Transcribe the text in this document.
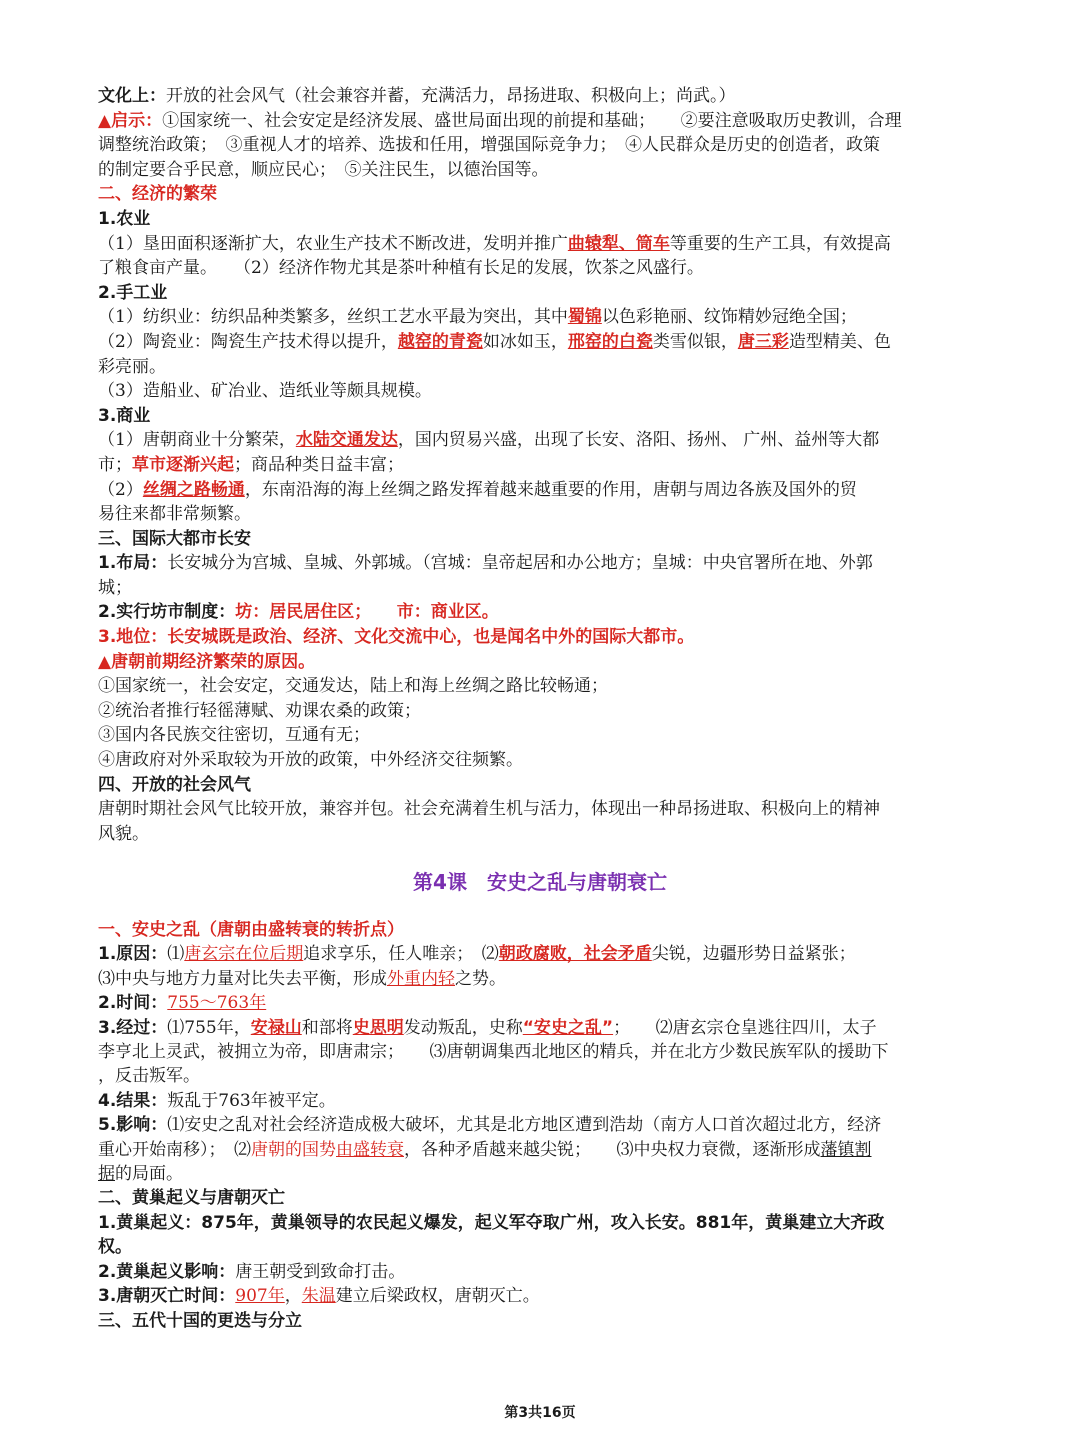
文化上：开放的社会风气（社会兼容并蓄，充满活力，昂扬进取、积极向上；尚武。）
▲启示：①国家统一、社会安定是经济发展、盛世局面出现的前提和基础；　　②要注意吸取历史教训，合理
调整统治政策；　③重视人才的培养、选拔和任用，增强国际竞争力；　④人民群众是历史的创造者，政策
的制定要合乎民意，顺应民心；　⑤关注民生，以德治国等。
二、经济的繁荣
1.农业
（1）垦田面积逐渐扩大，农业生产技术不断改进，发明并推广曲辕犁、筒车等重要的生产工具，有效提高
了粮食亩产量。　　（2）经济作物尤其是茶叶种植有长足的发展，饮茶之风盛行。
2.手工业
（1）纺织业：纺织品种类繁多，丝织工艺水平最为突出，其中蜀锦以色彩艳丽、纹饰精妙冠绝全国；
（2）陶瓷业：陶瓷生产技术得以提升，越窑的青瓷如冰如玉，邢窑的白瓷类雪似银，唐三彩造型精美、色
彩亮丽。
（3）造船业、矿冶业、造纸业等颇具规模。
3.商业
（1）唐朝商业十分繁荣，水陆交通发达，国内贸易兴盛，出现了长安、洛阳、扬州、 广州、益州等大都
市；草市逐渐兴起；商品种类日益丰富；
（2）丝绸之路畅通，东南沿海的海上丝绸之路发挥着越来越重要的作用，唐朝与周边各族及国外的贸
易往来都非常频繁。
三、国际大都市长安
1.布局：长安城分为宫城、皇城、外郭城。（宫城：皇帝起居和办公地方；皇城：中央官署所在地、外郭
城；
2.实行坊市制度：坊：居民居住区；　　市：商业区。
3.地位：长安城既是政治、经济、文化交流中心，也是闻名中外的国际大都市。
▲唐朝前期经济繁荣的原因。
①国家统一，社会安定，交通发达，陆上和海上丝绸之路比较畅通；
②统治者推行轻徭薄赋、劝课农桑的政策；
③国内各民族交往密切，互通有无；
④唐政府对外采取较为开放的政策，中外经济交往频繁。
四、开放的社会风气
唐朝时期社会风气比较开放，兼容并包。社会充满着生机与活力，体现出一种昂扬进取、积极向上的精神
风貌。
第4课　安史之乱与唐朝衰亡
一、安史之乱（唐朝由盛转衰的转折点）
1.原因：⑴唐玄宗在位后期追求享乐，任人唯亲；　⑵朝政腐败，社会矛盾尖锐，边疆形势日益紧张；
⑶中央与地方力量对比失去平衡，形成外重内轻之势。
2.时间：755～763年
3.经过：⑴755年，安禄山和部将史思明发动叛乱，史称“安史之乱”；　　⑵唐玄宗仓皇逃往四川，太子
李亨北上灵武，被拥立为帝，即唐肃宗；　　⑶唐朝调集西北地区的精兵，并在北方少数民族军队的援助下
，反击叛军。
4.结果：叛乱于763年被平定。
5.影响：⑴安史之乱对社会经济造成极大破坏，尤其是北方地区遭到浩劫（南方人口首次超过北方，经济
重心开始南移）；　⑵唐朝的国势由盛转衰，各种矛盾越来越尖锐；　　⑶中央权力衰微，逐渐形成藩镇割
据的局面。
二、黄巢起义与唐朝灭亡
1.黄巢起义：875年，黄巢领导的农民起义爆发，起义军夺取广州，攻入长安。881年，黄巢建立大齐政
权。
2.黄巢起义影响：唐王朝受到致命打击。
3.唐朝灭亡时间：907年，朱温建立后梁政权，唐朝灭亡。
三、五代十国的更迭与分立
第3共16页
